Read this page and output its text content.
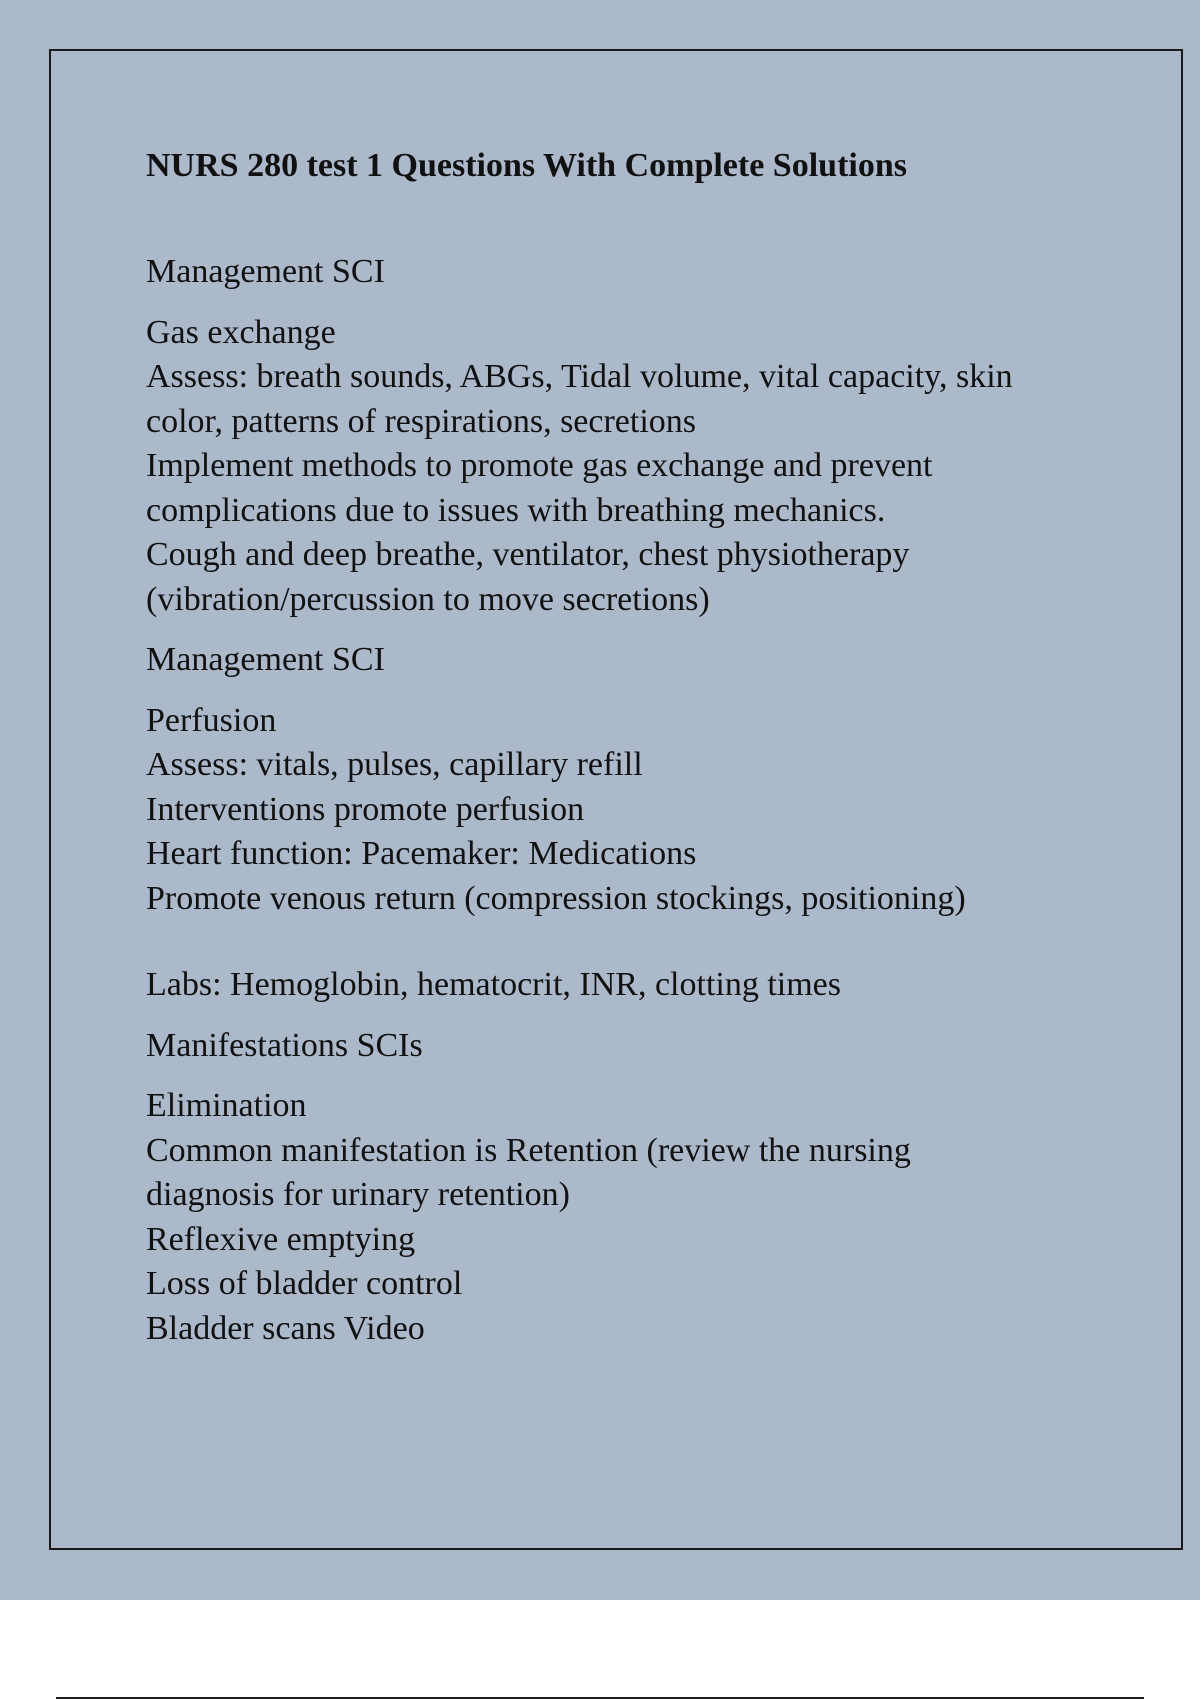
NURS 280 test 1 Questions With Complete Solutions
Management SCI
Gas exchange
Assess: breath sounds, ABGs, Tidal volume, vital capacity, skin
color, patterns of respirations, secretions
Implement methods to promote gas exchange and prevent
complications due to issues with breathing mechanics.
Cough and deep breathe, ventilator, chest physiotherapy
(vibration/percussion to move secretions)
Management SCI
Perfusion
Assess: vitals, pulses, capillary refill
Interventions promote perfusion
Heart function: Pacemaker: Medications
Promote venous return (compression stockings, positioning)
Labs: Hemoglobin, hematocrit, INR, clotting times
Manifestations SCIs
Elimination
Common manifestation is Retention (review the nursing
diagnosis for urinary retention)
Reflexive emptying
Loss of bladder control
Bladder scans Video
